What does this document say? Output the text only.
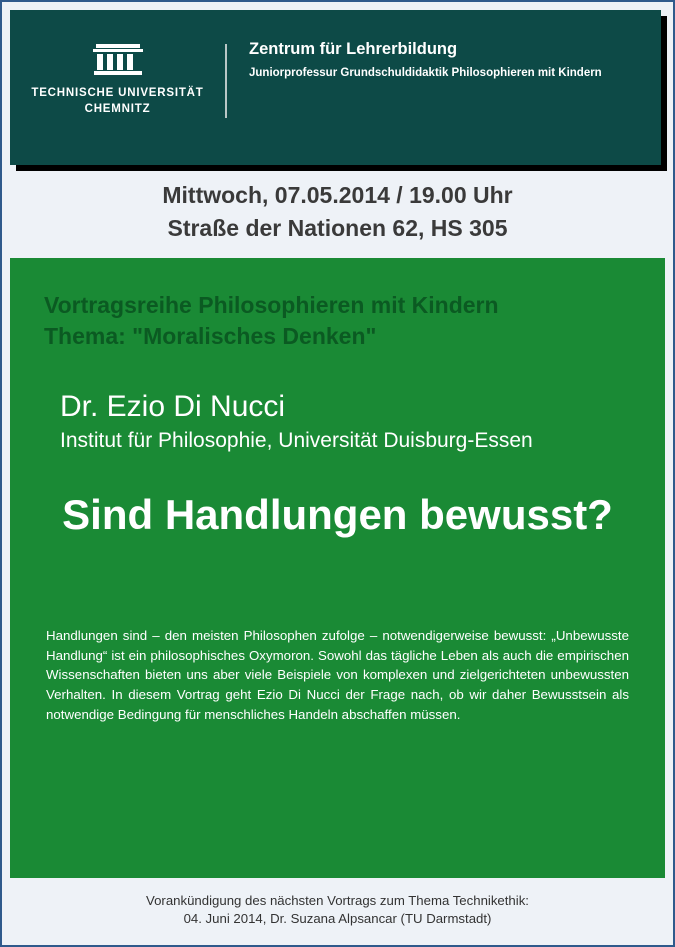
TECHNISCHE UNIVERSITÄT
CHEMNITZ
Zentrum für Lehrerbildung
Juniorprofessur Grundschuldidaktik Philosophieren mit Kindern
Mittwoch, 07.05.2014 / 19.00 Uhr
Straße der Nationen 62, HS 305
Vortragsreihe Philosophieren mit Kindern
Thema: "Moralisches Denken"
Dr. Ezio Di Nucci
Institut für Philosophie, Universität Duisburg-Essen
Sind Handlungen bewusst?
Handlungen sind – den meisten Philosophen zufolge – notwendigerweise bewusst: „Unbewusste Handlung“ ist ein philosophisches Oxymoron. Sowohl das tägliche Leben als auch die empirischen Wissenschaften bieten uns aber viele Beispiele von komplexen und zielgerichteten unbewussten Verhalten. In diesem Vortrag geht Ezio Di Nucci der Frage nach, ob wir daher Bewusstsein als notwendige Bedingung für menschliches Handeln abschaffen müssen.
Vorankündigung des nächsten Vortrags zum Thema Technikethik:
04. Juni 2014, Dr. Suzana Alpsancar (TU Darmstadt)
